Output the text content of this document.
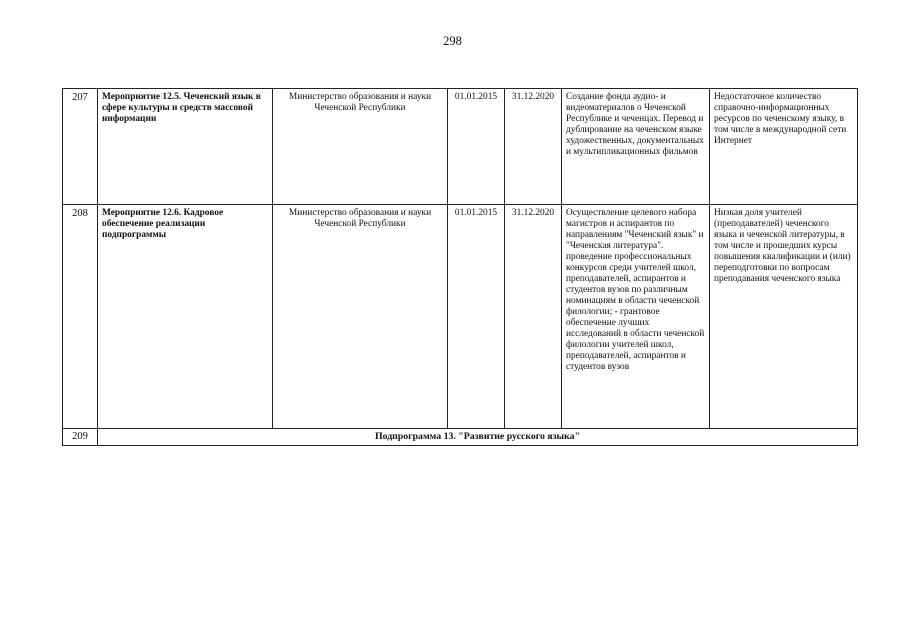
298
207	Мероприятие 12.5. Чеченский язык в сфере культуры и средств массовой информации	Министерство образования и науки Чеченской Республики	01.01.2015	31.12.2020	Создание фонда аудио- и видеоматериалов о Чеченской Республике и чеченцах. Перевод и дублирование на чеченском языке художественных, документальных и мультипликационных фильмов	Недостаточное количество справочно-информационных ресурсов по чеченскому языку, в том числе в международной сети Интернет
208	Мероприятие 12.6. Кадровое обеспечение реализации подпрограммы	Министерство образования и науки Чеченской Республики	01.01.2015	31.12.2020	Осуществление целевого набора магистров и аспирантов по направлениям "Чеченский язык" и "Чеченская литература". проведение профессиональных конкурсов среди учителей школ, преподавателей, аспирантов и студентов вузов по различным номинациям в области чеченской филологии; - грантовое обеспечение лучших исследований в области чеченской филологии учителей школ, преподавателей, аспирантов и студентов вузов	Низкая доля учителей (преподавателей) чеченского языка и чеченской литературы, в том числе и прошедших курсы повышения квалификации и (или) переподготовки по вопросам преподавания чеченского языка
209	Подпрограмма 13. "Развитие русского языка"					
